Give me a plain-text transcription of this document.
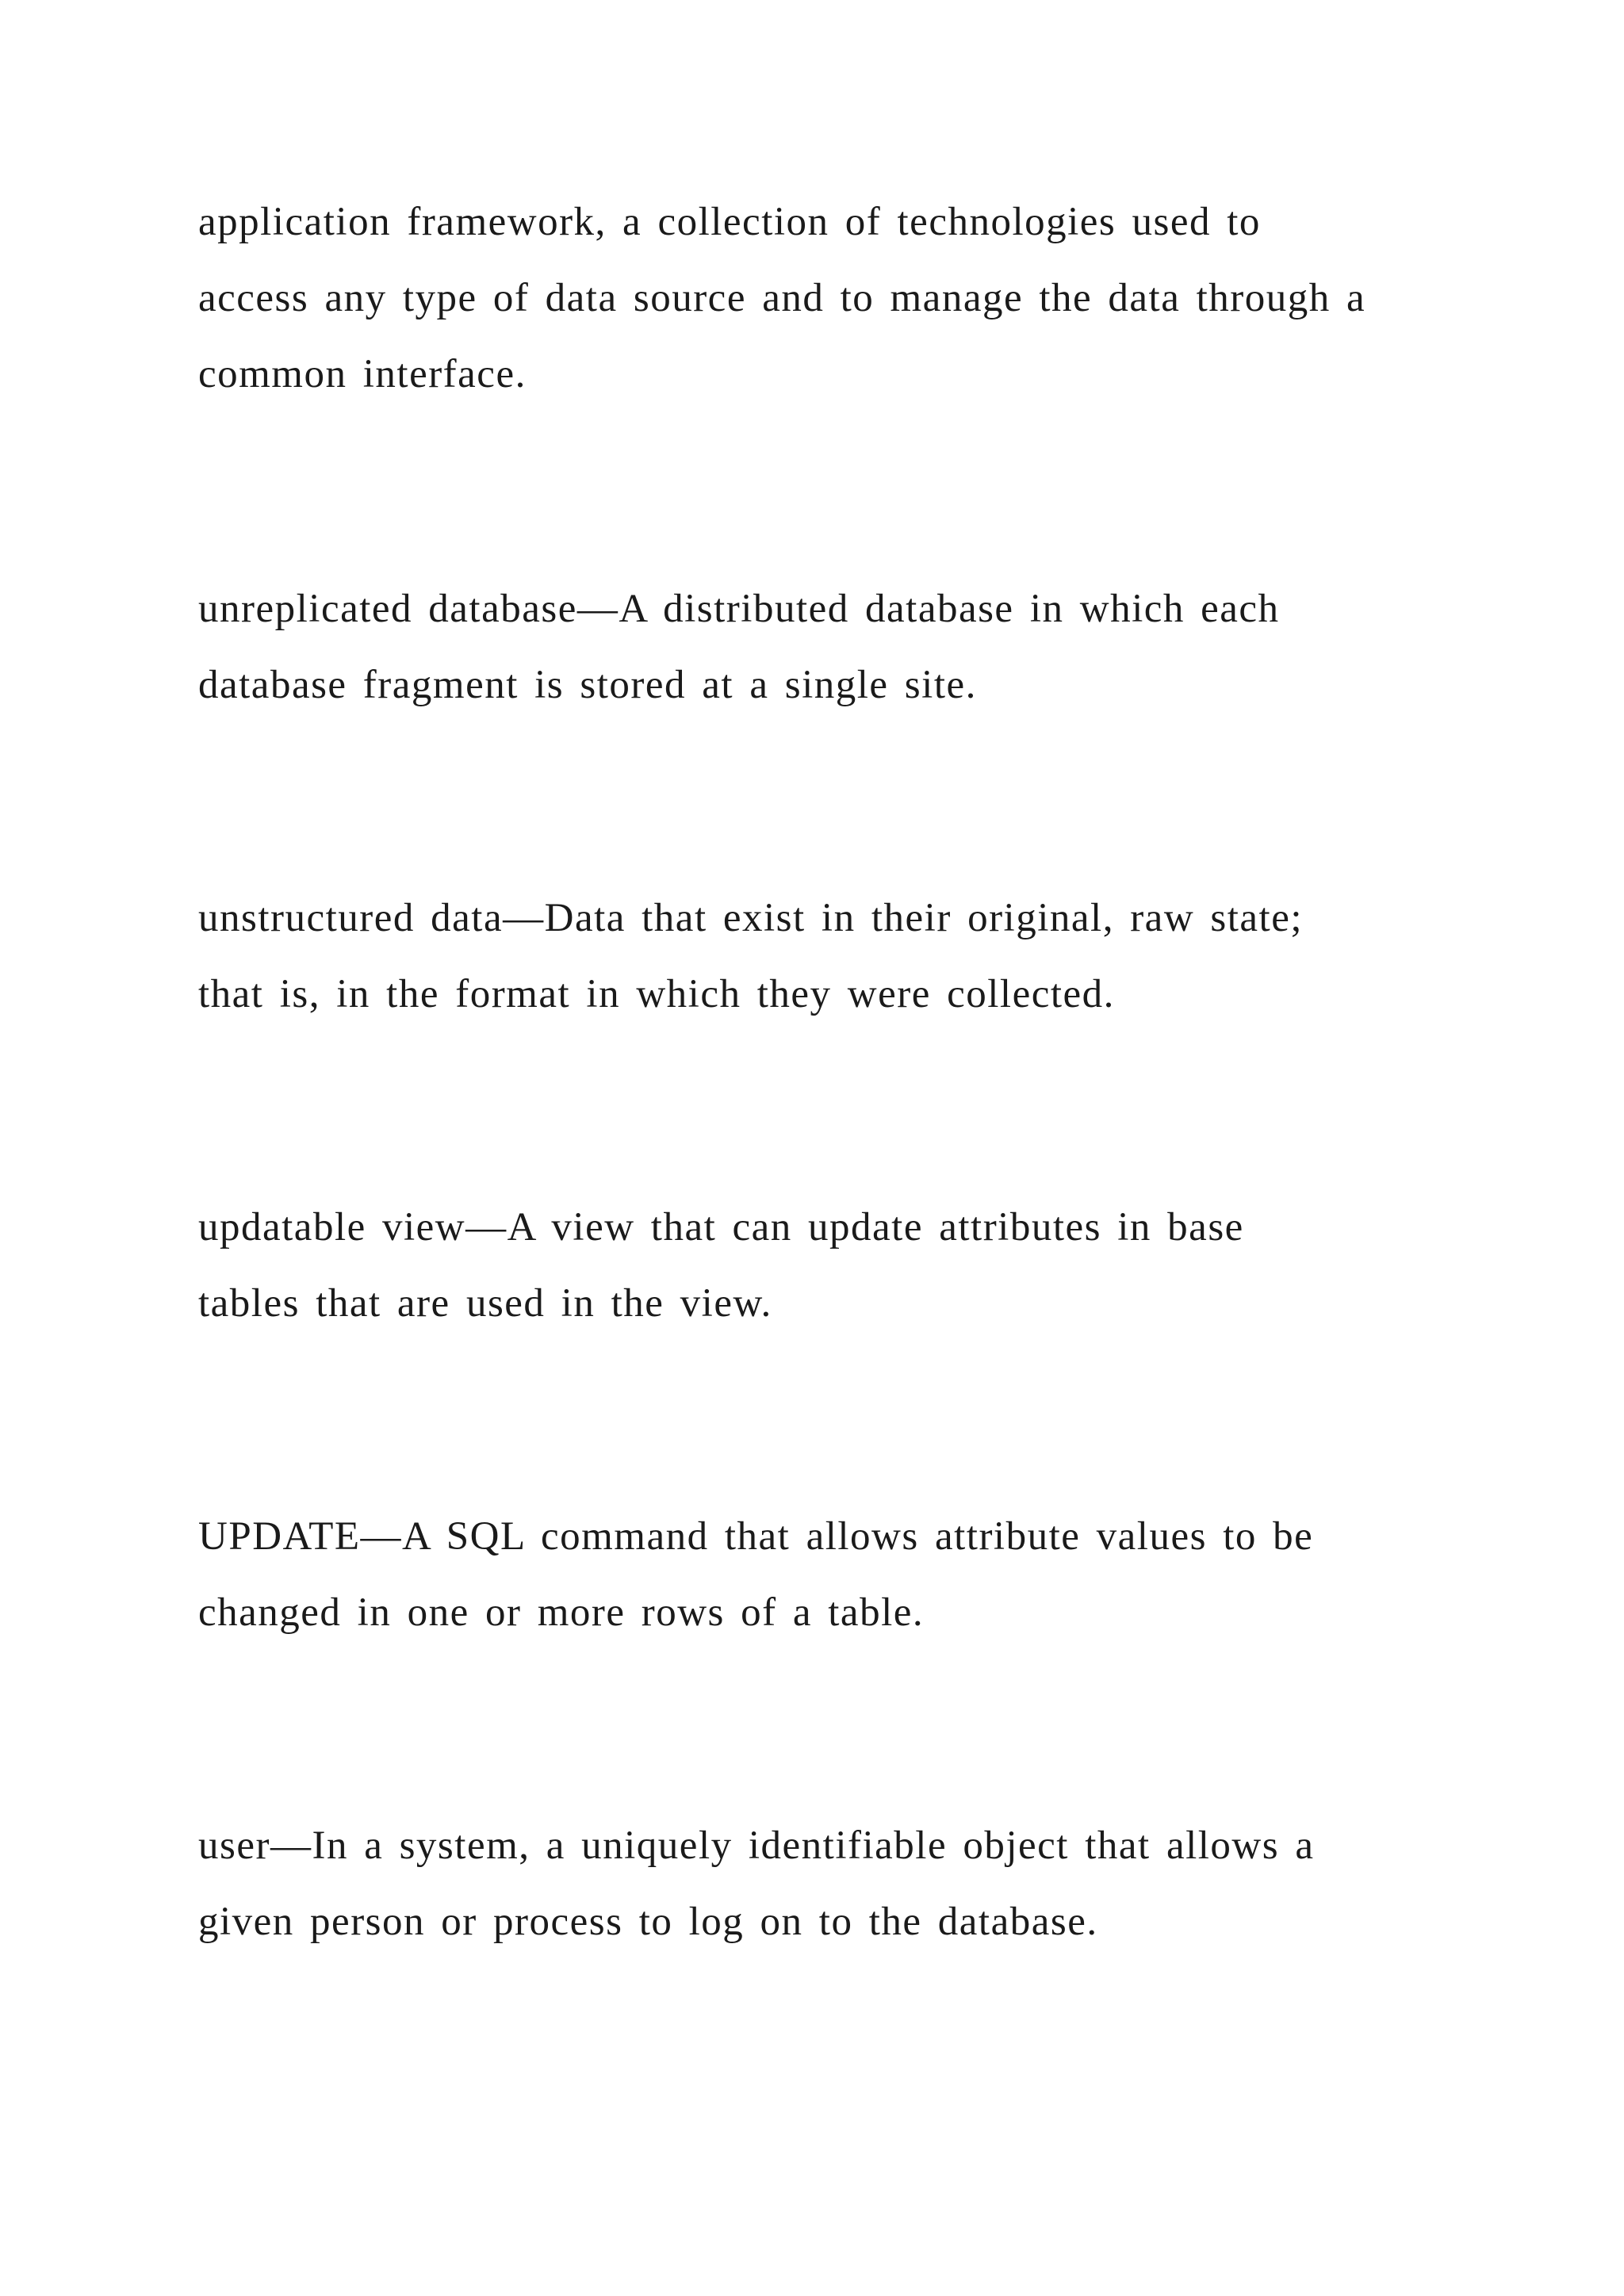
application framework, a collection of technologies used to
access any type of data source and to manage the data through a
common interface.

unreplicated database—A distributed database in which each
database fragment is stored at a single site.

unstructured data—Data that exist in their original, raw state;
that is, in the format in which they were collected.

updatable view—A view that can update attributes in base
tables that are used in the view.

UPDATE—A SQL command that allows attribute values to be
changed in one or more rows of a table.

user—In a system, a uniquely identifiable object that allows a
given person or process to log on to the database.
